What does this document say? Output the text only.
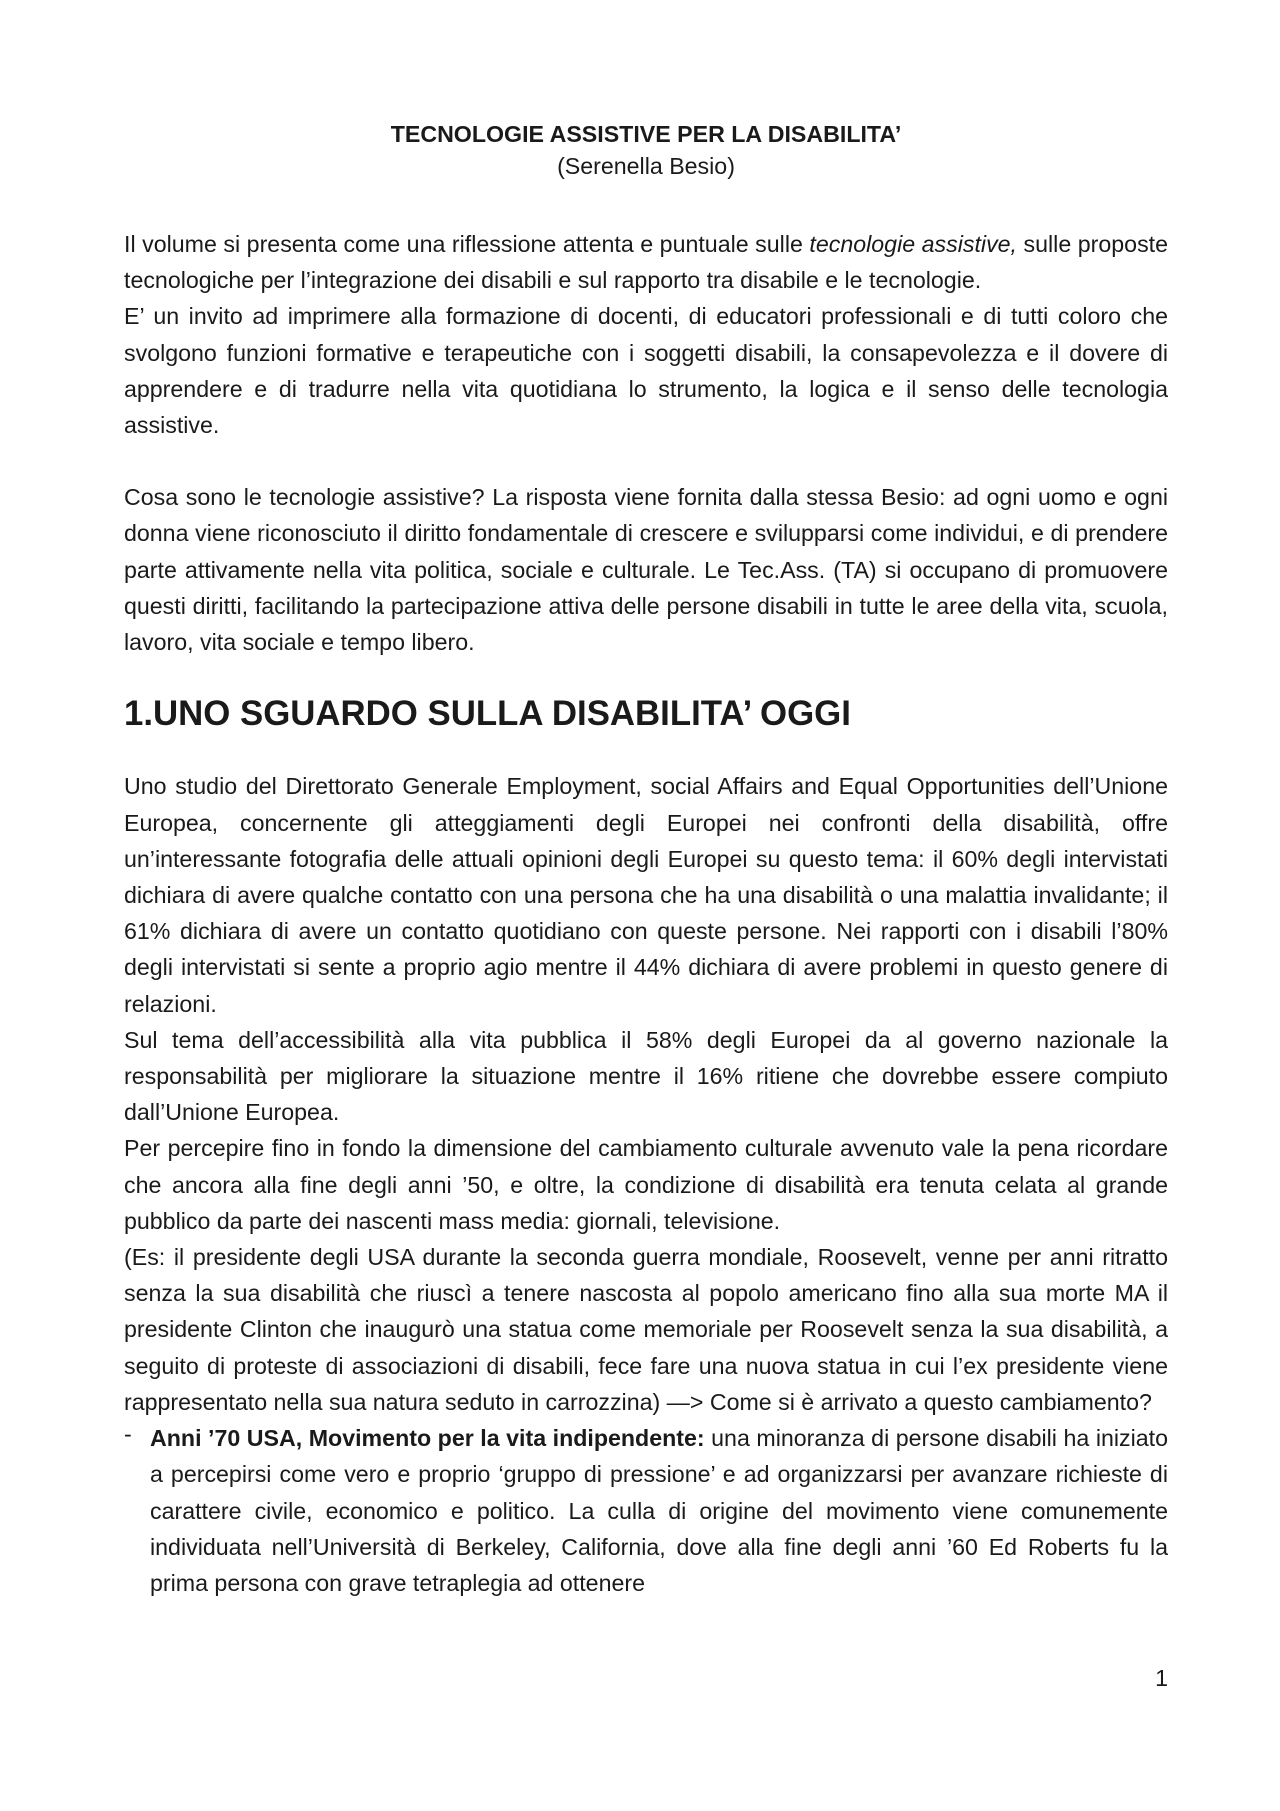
TECNOLOGIE ASSISTIVE PER LA DISABILITA’
(Serenella Besio)

Il volume si presenta come una riflessione attenta e puntuale sulle tecnologie assistive, sulle proposte tecnologiche per l’integrazione dei disabili e sul rapporto tra disabile e le tecnologie.

E’ un invito ad imprimere alla formazione di docenti, di educatori professionali e di tutti coloro che svolgono funzioni formative e terapeutiche con i soggetti disabili, la consapevolezza e il dovere di apprendere e di tradurre nella vita quotidiana lo strumento, la logica e il senso delle tecnologia assistive.

Cosa sono le tecnologie assistive? La risposta viene fornita dalla stessa Besio: ad ogni uomo e ogni donna viene riconosciuto il diritto fondamentale di crescere e svilupparsi come individui, e di prendere parte attivamente nella vita politica, sociale e culturale. Le Tec.Ass. (TA) si occupano di promuovere questi diritti, facilitando la partecipazione attiva delle persone disabili in tutte le aree della vita, scuola, lavoro, vita sociale e tempo libero.

1.UNO SGUARDO SULLA DISABILITA’ OGGI

Uno studio del Direttorato Generale Employment, social Affairs and Equal Opportunities dell’Unione Europea, concernente gli atteggiamenti degli Europei nei confronti della disabilità, offre un’interessante fotografia delle attuali opinioni degli Europei su questo tema: il 60% degli intervistati dichiara di avere qualche contatto con una persona che ha una disabilità o una malattia invalidante; il 61% dichiara di avere un contatto quotidiano con queste persone. Nei rapporti con i disabili l’80% degli intervistati si sente a proprio agio mentre il 44% dichiara di avere problemi in questo genere di relazioni.

Sul tema dell’accessibilità alla vita pubblica il 58% degli Europei da al governo nazionale la responsabilità per migliorare la situazione mentre il 16% ritiene che dovrebbe essere compiuto dall’Unione Europea.

Per percepire fino in fondo la dimensione del cambiamento culturale avvenuto vale la pena ricordare che ancora alla fine degli anni ’50, e oltre, la condizione di disabilità era tenuta celata al grande pubblico da parte dei nascenti mass media: giornali, televisione.

(Es: il presidente degli USA durante la seconda guerra mondiale, Roosevelt, venne per anni ritratto senza la sua disabilità che riuscì a tenere nascosta al popolo americano fino alla sua morte MA il presidente Clinton che inaugurò una statua come memoriale per Roosevelt senza la sua disabilità, a seguito di proteste di associazioni di disabili, fece fare una nuova statua in cui l’ex presidente viene rappresentato nella sua natura seduto in carrozzina) —> Come si è arrivato a questo cambiamento?

- Anni ’70 USA, Movimento per la vita indipendente: una minoranza di persone disabili ha iniziato a percepirsi come vero e proprio ‘gruppo di pressione’ e ad organizzarsi per avanzare richieste di carattere civile, economico e politico. La culla di origine del movimento viene comunemente individuata nell’Università di Berkeley, California, dove alla fine degli anni ’60 Ed Roberts fu la prima persona con grave tetraplegia ad ottenere
1
